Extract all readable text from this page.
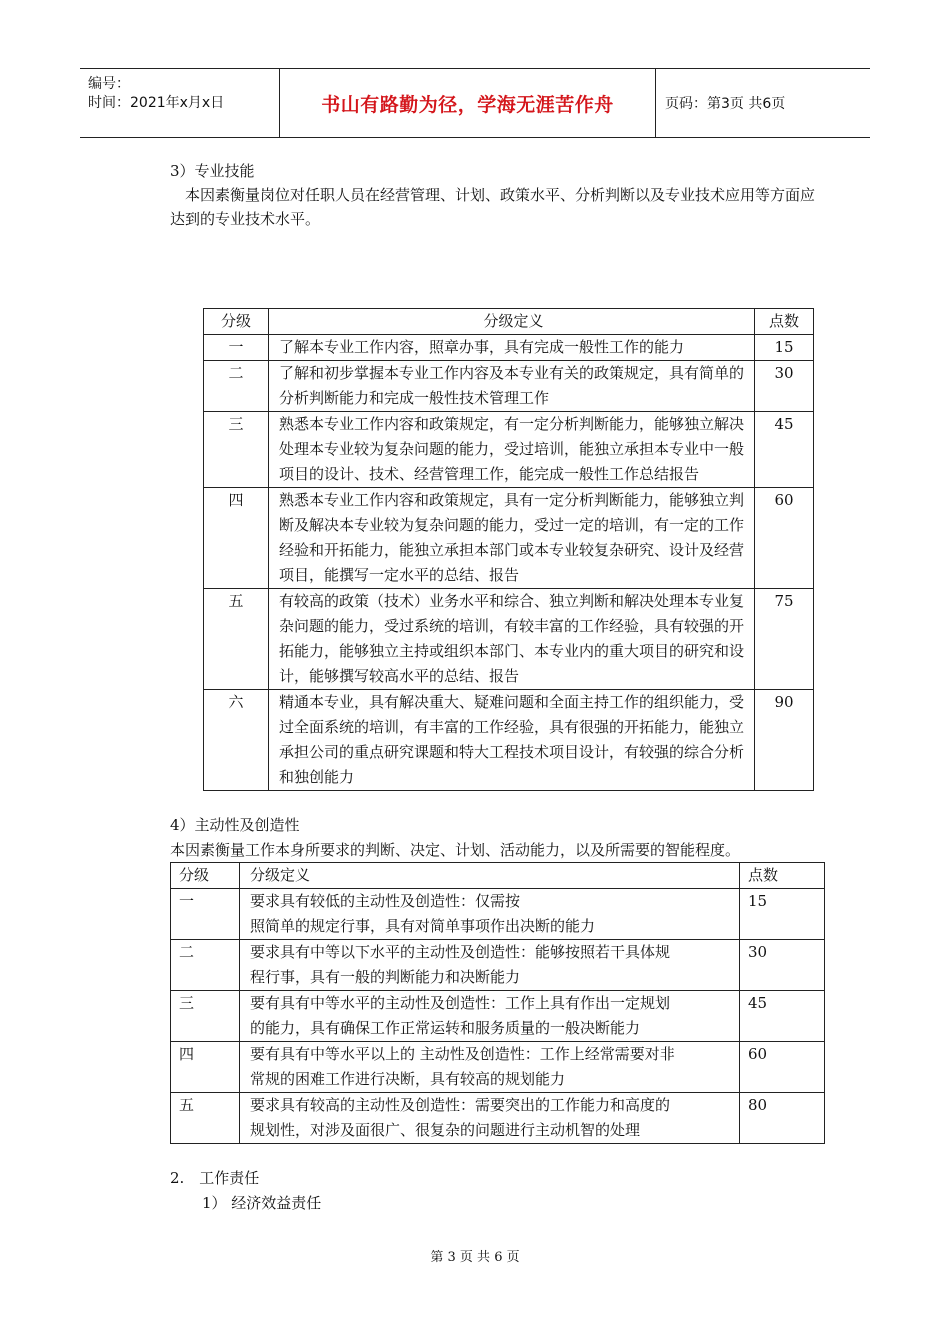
编号：
时间：2021年x月x日	书山有路勤为径，学海无涯苦作舟	页码：第3页 共6页
3）专业技能
本因素衡量岗位对任职人员在经营管理、计划、政策水平、分析判断以及专业技术应用等方面应达到的专业技术水平。
分级	分级定义	点数
一	了解本专业工作内容，照章办事，具有完成一般性工作的能力	15
二	了解和初步掌握本专业工作内容及本专业有关的政策规定，具有简单的分析判断能力和完成一般性技术管理工作	30
三	熟悉本专业工作内容和政策规定，有一定分析判断能力，能够独立解决处理本专业较为复杂问题的能力，受过培训，能独立承担本专业中一般项目的设计、技术、经营管理工作，能完成一般性工作总结报告	45
四	熟悉本专业工作内容和政策规定，具有一定分析判断能力，能够独立判断及解决本专业较为复杂问题的能力，受过一定的培训，有一定的工作经验和开拓能力，能独立承担本部门或本专业较复杂研究、设计及经营项目，能撰写一定水平的总结、报告	60
五	有较高的政策（技术）业务水平和综合、独立判断和解决处理本专业复杂问题的能力，受过系统的培训，有较丰富的工作经验，具有较强的开拓能力，能够独立主持或组织本部门、本专业内的重大项目的研究和设计，能够撰写较高水平的总结、报告	75
六	精通本专业，具有解决重大、疑难问题和全面主持工作的组织能力，受过全面系统的培训，有丰富的工作经验，具有很强的开拓能力，能独立承担公司的重点研究课题和特大工程技术项目设计，有较强的综合分析和独创能力	90
4）主动性及创造性
本因素衡量工作本身所要求的判断、决定、计划、活动能力，以及所需要的智能程度。
分级	分级定义	点数
一	要求具有较低的主动性及创造性：仅需按
照简单的规定行事，具有对简单事项作出决断的能力	15
二	要求具有中等以下水平的主动性及创造性：能够按照若干具体规
程行事，具有一般的判断能力和决断能力	30
三	要有具有中等水平的主动性及创造性：工作上具有作出一定规划
的能力，具有确保工作正常运转和服务质量的一般决断能力	45
四	要有具有中等水平以上的 主动性及创造性：工作上经常需要对非
常规的困难工作进行决断，具有较高的规划能力	60
五	要求具有较高的主动性及创造性：需要突出的工作能力和高度的
规划性，对涉及面很广、很复杂的问题进行主动机智的处理	80
2.　工作责任
1） 经济效益责任
第 3 页 共 6 页
